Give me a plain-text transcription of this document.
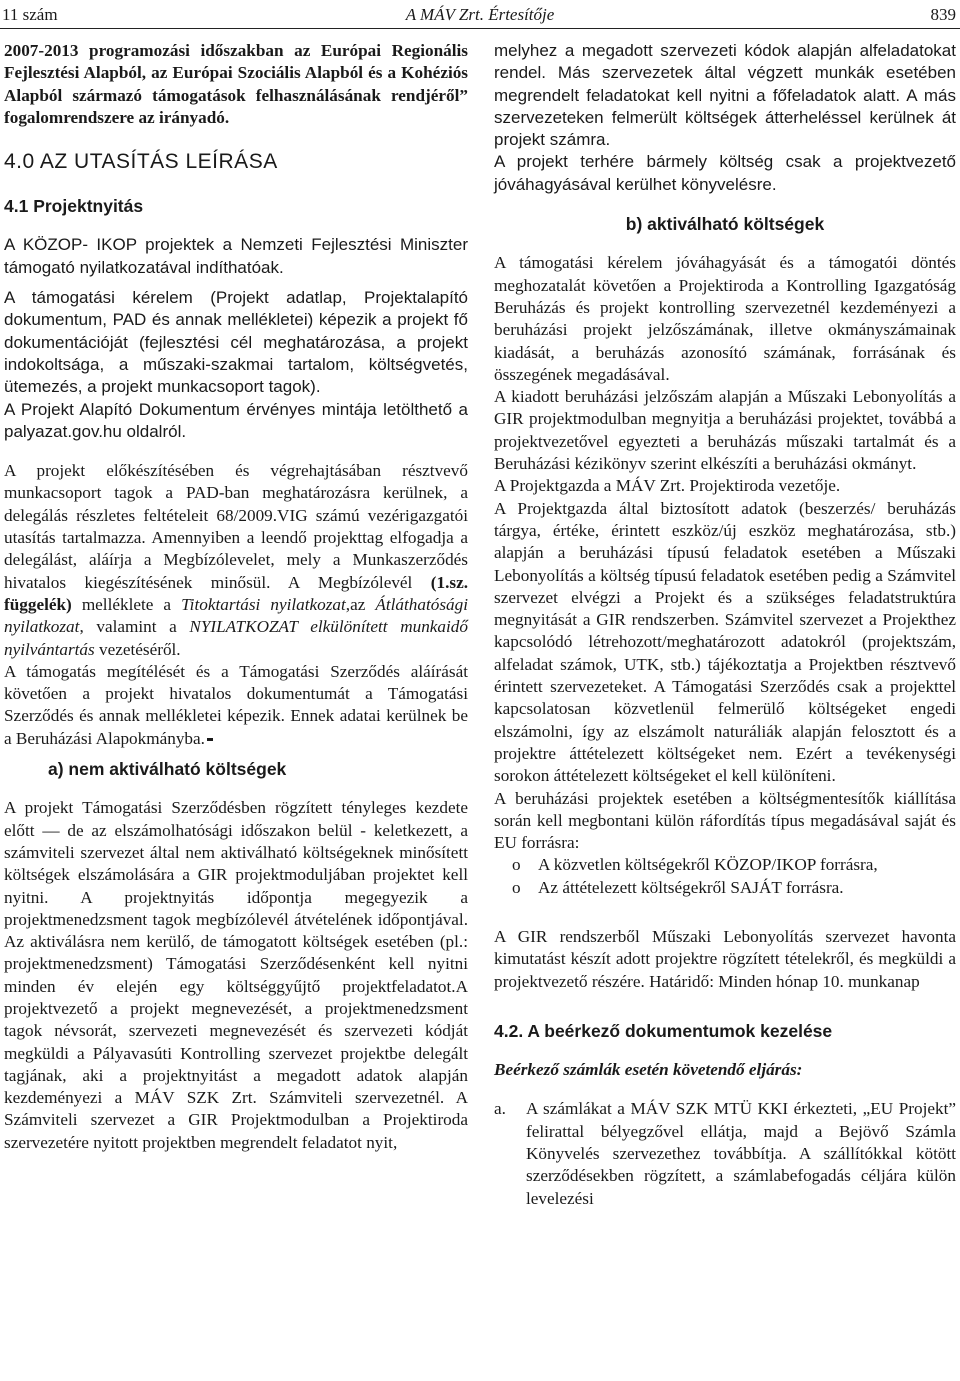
11 szám	A MÁV Zrt. Értesítője	839

2007-2013 programozási időszakban az Európai Regionális Fejlesztési Alapból, az Európai Szociális Alapból és a Kohéziós Alapból származó támogatások felhasználásának rendjéről” fogalomrendszere az irányadó.

4.0 AZ UTASÍTÁS LEÍRÁSA
4.1 Projektnyitás

A KÖZOP- IKOP projektek a Nemzeti Fejlesztési Miniszter támogató nyilatkozatával indíthatóak.

A támogatási kérelem (Projekt adatlap, Projektalapító dokumentum, PAD és annak mellékletei) képezik a projekt fő dokumentációját (fejlesztési cél meghatározása, a projekt indokoltsága, a műszaki-szakmai tartalom, költségvetés, ütemezés, a projekt munkacsoport tagok).

A Projekt Alapító Dokumentum érvényes mintája letölthető a palyazat.gov.hu oldalról.

A projekt előkészítésében és végrehajtásában résztvevő munkacsoport tagok a PAD-ban meghatározásra kerülnek, a delegálás részletes feltételeit 68/2009.VIG számú vezérigazgatói utasítás tartalmazza. Amennyiben a leendő projekttag elfogadja a delegálást, aláírja a Megbízólevelet, mely a Munkaszerződés hivatalos kiegészítésének minősül. A Megbízólevél (1.sz. függelék) melléklete a Titoktartási nyilatkozat,az Átláthatósági nyilatkozat, valamint a NYILATKOZAT elkülönített munkaidő nyilvántartás vezetéséről.

A támogatás megítélését és a Támogatási Szerződés aláírását követően a projekt hivatalos dokumentumát a Támogatási Szerződés és annak mellékletei képezik. Ennek adatai kerülnek be a Beruházási Alapokmányba.

a) nem aktiválható költségek

A projekt Támogatási Szerződésben rögzített tényleges kezdete előtt — de az elszámolhatósági időszakon belül - keletkezett, a számviteli szervezet által nem aktiválható költségeknek minősített költségek elszámolására a GIR projektmoduljában projektet kell nyitni. A projektnyitás időpontja megegyezik a projektmenedzsment tagok megbízólevél átvételének időpontjával. Az aktiválásra nem kerülő, de támogatott költségek esetében (pl.: projektmenedzsment) Támogatási Szerződésenként kell nyitni minden év elején egy költséggyűjtő projektfeladatot.A projektvezető a projekt megnevezését, a projektmenedzsment tagok névsorát, szervezeti megnevezését és szervezeti kódját megküldi a Pályavasúti Kontrolling szervezet projektbe delegált tagjának, aki a projektnyitást a megadott adatok alapján kezdeményezi a MÁV SZK Zrt. Számviteli szervezetnél. A Számviteli szervezet a GIR Projektmodulban a Projektiroda szervezetére nyitott projektben megrendelt feladatot nyit,

melyhez a megadott szervezeti kódok alapján alfeladatokat rendel. Más szervezetek által végzett munkák esetében megrendelt feladatokat kell nyitni a főfeladatok alatt. A más szervezeteken felmerült költségek átterheléssel kerülnek át projekt számra.

A projekt terhére bármely költség csak a projektvezető jóváhagyásával kerülhet könyvelésre.

b) aktiválható költségek

A támogatási kérelem jóváhagyását és a támogatói döntés meghozatalát követően a Projektiroda a Kontrolling Igazgatóság Beruházás és projekt kontrolling szervezetnél kezdeményezi a beruházási projekt jelzőszámának, illetve okmányszámainak kiadását, a beruházás azonosító számának, forrásának és összegének megadásával.

A kiadott beruházási jelzőszám alapján a Műszaki Lebonyolítás a GIR projektmodulban megnyitja a beruházási projektet, továbbá a projektvezetővel egyezteti a beruházás műszaki tartalmát és a Beruházási kézikönyv szerint elkészíti a beruházási okmányt.

A Projektgazda a MÁV Zrt. Projektiroda vezetője.

A Projektgazda által biztosított adatok (beszerzés/ beruházás tárgya, értéke, érintett eszköz/új eszköz meghatározása, stb.) alapján a beruházási típusú feladatok esetében a Műszaki Lebonyolítás a költség típusú feladatok esetében pedig a Számvitel szervezet elvégzi a Projekt és a szükséges feladatstruktúra megnyitását a GIR rendszerben. Számvitel szervezet a Projekthez kapcsolódó létrehozott/meghatározott adatokról (projektszám, alfeladat számok, UTK, stb.) tájékoztatja a Projektben résztvevő érintett szervezeteket. A Támogatási Szerződés csak a projekttel kapcsolatosan közvetlenül felmerülő költségeket engedi elszámolni, így az elszámolt naturáliák alapján felosztott és a projektre áttételezett költségeket nem. Ezért a tevékenységi sorokon áttételezett költségeket el kell különíteni.

A beruházási projektek esetében a költségmentesítők kiállítása során kell megbontani külön ráfordítás típus megadásával saját és EU forrásra:

o	A közvetlen költségekről KÖZOP/IKOP forrásra,
o	Az áttételezett költségekről SAJÁT forrásra.

A GIR rendszerből Műszaki Lebonyolítás szervezet havonta kimutatást készít adott projektre rögzített tételekről, és megküldi a projektvezető részére. Határidő: Minden hónap 10. munkanap

4.2. A beérkező dokumentumok kezelése
Beérkező számlák esetén követendő eljárás:
a.	A számlákat a MÁV SZK MTÜ KKI érkezteti, „EU Projekt” felirattal bélyegzővel ellátja, majd a Bejövő Számla Könyvelés szervezethez továbbítja. A szállítókkal kötött szerződésekben rögzített, a számlabefogadás céljára külön levelezési
